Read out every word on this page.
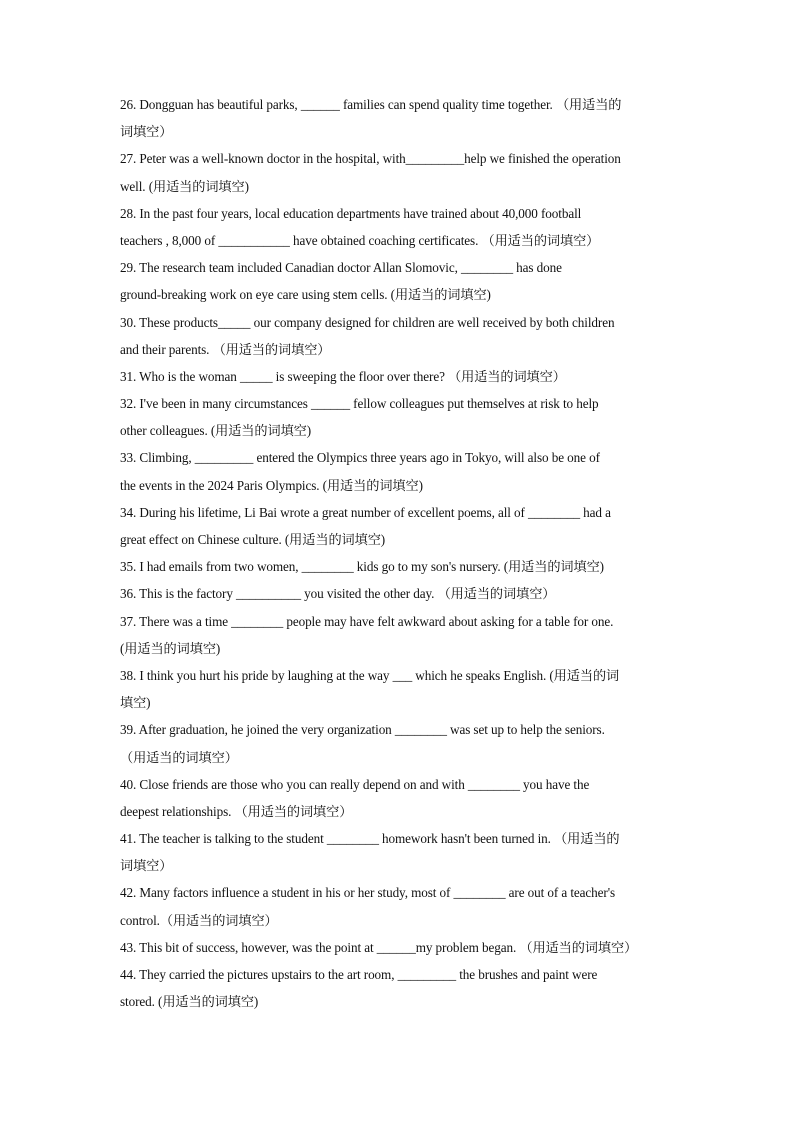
26. Dongguan has beautiful parks, ______ families can spend quality time together. （用适当的
词填空）
27. Peter was a well-known doctor in the hospital, with_________help we finished the operation
well. (用适当的词填空)
28. In the past four years, local education departments have trained about 40,000 football
teachers , 8,000 of ___________ have obtained coaching certificates. （用适当的词填空）
29. The research team included Canadian doctor Allan Slomovic, ________ has done
ground-breaking work on eye care using stem cells. (用适当的词填空)
30. These products_____ our company designed for children are well received by both children
and their parents. （用适当的词填空）
31. Who is the woman _____ is sweeping the floor over there? （用适当的词填空）
32. I've been in many circumstances ______ fellow colleagues put themselves at risk to help
other colleagues. (用适当的词填空)
33. Climbing, _________ entered the Olympics three years ago in Tokyo, will also be one of
the events in the 2024 Paris Olympics. (用适当的词填空)
34. During his lifetime, Li Bai wrote a great number of excellent poems, all of ________ had a
great effect on Chinese culture. (用适当的词填空)
35. I had emails from two women, ________ kids go to my son's nursery. (用适当的词填空)
36. This is the factory __________ you visited the other day. （用适当的词填空）
37. There was a time ________ people may have felt awkward about asking for a table for one.
(用适当的词填空)
38. I think you hurt his pride by laughing at the way ___ which he speaks English. (用适当的词
填空)
39. After graduation, he joined the very organization ________ was set up to help the seniors.
（用适当的词填空）
40. Close friends are those who you can really depend on and with ________ you have the
deepest relationships. （用适当的词填空）
41. The teacher is talking to the student ________ homework hasn't been turned in. （用适当的
词填空）
42. Many factors influence a student in his or her study, most of ________ are out of a teacher's
control.（用适当的词填空）
43. This bit of success, however, was the point at ______my problem began. （用适当的词填空）
44. They carried the pictures upstairs to the art room, _________ the brushes and paint were
stored. (用适当的词填空)
